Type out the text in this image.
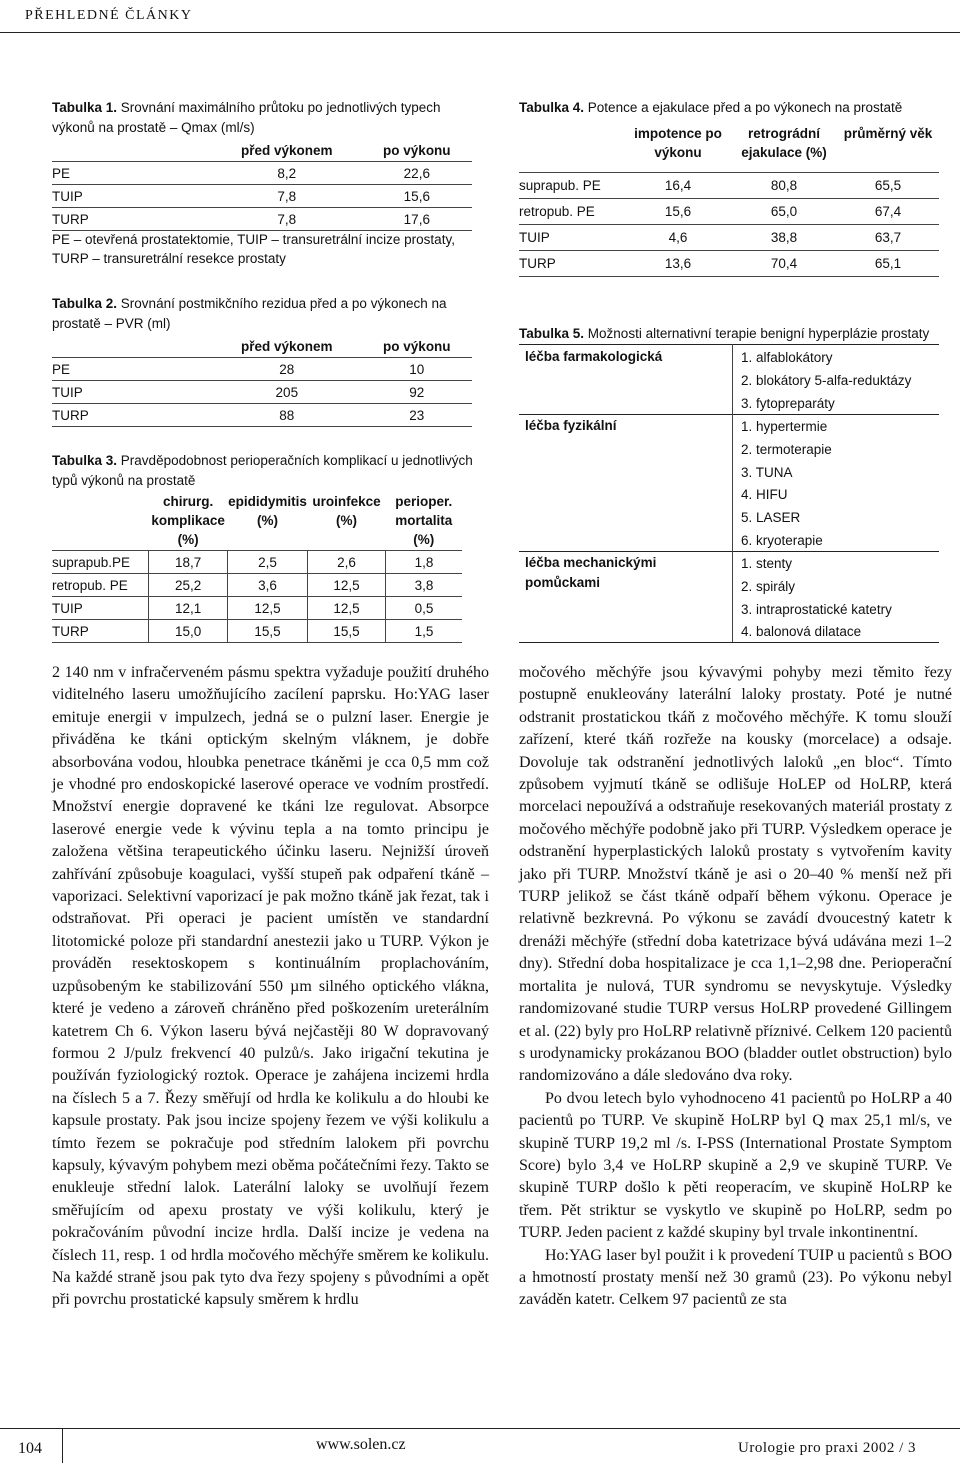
PŘEHLEDNÉ ČLÁNKY
Tabulka 1. Srovnání maximálního průtoku po jednotlivých typech výkonů na prostatě – Qmax (ml/s)
	před výkonem	po výkonu
PE	8,2	22,6
TUIP	7,8	15,6
TURP	7,8	17,6
PE – otevřená prostatektomie, TUIP – transuretrální incize prostaty,
TURP – transuretrální resekce prostaty
Tabulka 2. Srovnání postmikčního rezidua před a po výkonech na prostatě – PVR (ml)
	před výkonem	po výkonu
PE	28	10
TUIP	205	92
TURP	88	23
Tabulka 3. Pravděpodobnost perioperačních komplikací u jednotlivých typů výkonů na prostatě
	chirurg. komplikace (%)	epididymitis (%)	uroinfekce (%)	perioper. mortalita (%)
suprapub.PE	18,7	2,5	2,6	1,8
retropub. PE	25,2	3,6	12,5	3,8
TUIP	12,1	12,5	12,5	0,5
TURP	15,0	15,5	15,5	1,5
Tabulka 4. Potence a ejakulace před a po výkonech na prostatě
	impotence po výkonu	retrográdní ejakulace (%)	průměrný věk
suprapub. PE	16,4	80,8	65,5
retropub. PE	15,6	65,0	67,4
TUIP	4,6	38,8	63,7
TURP	13,6	70,4	65,1
Tabulka 5. Možnosti alternativní terapie benigní hyperplázie prostaty
léčba farmakologická	1. alfablokátory
2. blokátory 5-alfa-reduktázy
3. fytopreparáty
léčba fyzikální	1. hypertermie
2. termoterapie
3. TUNA
4. HIFU
5. LASER
6. kryoterapie
léčba mechanickými pomůckami
1. stenty
2. spirály
3. intraprostatické katetry
4. balonová dilatace

2 140 nm v infračerveném pásmu spektra vyžaduje použití druhého viditelného laseru umožňujícího zacílení paprsku. Ho:YAG laser emituje energii v impulzech, jedná se o pulzní laser. Energie je přiváděna ke tkáni optickým skelným vláknem, je dobře absorbována vodou, hloubka penetrace tkáněmi je cca 0,5 mm což je vhodné pro endoskopické laserové operace ve vodním prostředí. Množství energie dopravené ke tkáni lze regulovat. Absorpce laserové energie vede k vývinu tepla a na tomto principu je založena většina terapeutického účinku laseru. Nejnižší úroveň zahřívání způsobuje koagulaci, vyšší stupeň pak odpaření tkáně – vaporizaci. Selektivní vaporizací je pak možno tkáně jak řezat, tak i odstraňovat. Při operaci je pacient umístěn ve standardní litotomické poloze při standardní anestezii jako u TURP. Výkon je prováděn resektoskopem s kontinuálním proplachováním, uzpůsobeným ke stabilizování 550 µm silného optického vlákna, které je vedeno a zároveň chráněno před poškozením ureterálním katetrem Ch 6. Výkon laseru bývá nejčastěji 80 W dopravovaný formou 2 J/pulz frekvencí 40 pulzů/s. Jako irigační tekutina je používán fyziologický roztok. Operace je zahájena incizemi hrdla na číslech 5 a 7. Řezy směřují od hrdla ke kolikulu a do hloubi ke kapsule prostaty. Pak jsou incize spojeny řezem ve výši kolikulu a tímto řezem se pokračuje pod středním lalokem při povrchu kapsuly, kývavým pohybem mezi oběma počátečními řezy. Takto se enukleuje střední lalok. Laterální laloky se uvolňují řezem směřujícím od apexu prostaty ve výši kolikulu, který je pokračováním původní incize hrdla. Další incize je vedena na číslech 11, resp. 1 od hrdla močového měchýře směrem ke kolikulu. Na každé straně jsou pak tyto dva řezy spojeny s původními a opět při povrchu prostatické kapsuly směrem k hrdlu

močového měchýře jsou kývavými pohyby mezi těmito řezy postupně enukleovány laterální laloky prostaty. Poté je nutné odstranit prostatickou tkáň z močového měchýře. K tomu slouží zařízení, které tkáň rozřeže na kousky (morcelace) a odsaje. Dovoluje tak odstranění jednotlivých laloků „en bloc“. Tímto způsobem vyjmutí tkáně se odlišuje HoLEP od HoLRP, která morcelaci nepoužívá a odstraňuje resekovaných materiál prostaty z močového měchýře podobně jako při TURP. Výsledkem operace je odstranění hyperplastických laloků prostaty s vytvořením kavity jako při TURP. Množství tkáně je asi o 20–40 % menší než při TURP jelikož se část tkáně odpaří během výkonu. Operace je relativně bezkrevná. Po výkonu se zavádí dvoucestný katetr k drenáži měchýře (střední doba katetrizace bývá udávána mezi 1–2 dny). Střední doba hospitalizace je cca 1,1–2,98 dne. Perioperační mortalita je nulová, TUR syndromu se nevyskytuje. Výsledky randomizované studie TURP versus HoLRP provedené Gillingem et al. (22) byly pro HoLRP relativně příznivé. Celkem 120 pacientů s urodynamicky prokázanou BOO (bladder outlet obstruction) bylo randomizováno a dále sledováno dva roky.

Po dvou letech bylo vyhodnoceno 41 pacientů po HoLRP a 40 pacientů po TURP. Ve skupině HoLRP byl Q max 25,1 ml/s, ve skupině TURP 19,2 ml /s. I-PSS (International Prostate Symptom Score) bylo 3,4 ve HoLRP skupině a 2,9 ve skupině TURP. Ve skupině TURP došlo k pěti reoperacím, ve skupině HoLRP ke třem. Pět striktur se vyskytlo ve skupině po HoLRP, sedm po TURP. Jeden pacient z každé skupiny byl trvale inkontinentní.

Ho:YAG laser byl použit i k provedení TUIP u pacientů s BOO a hmotností prostaty menší než 30 gramů (23). Po výkonu nebyl zaváděn katetr. Celkem 97 pacientů ze sta

104	www.solen.cz	Urologie pro praxi 2002 / 3
